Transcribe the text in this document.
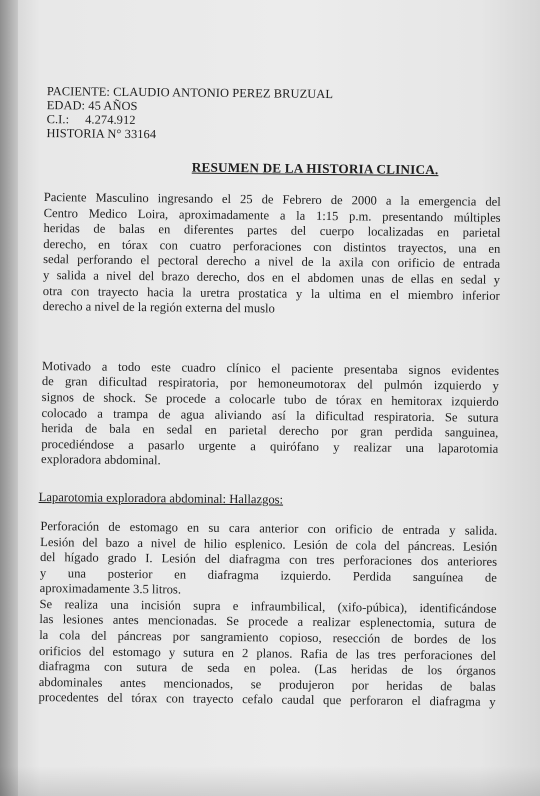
PACIENTE: CLAUDIO ANTONIO PEREZ BRUZUAL
EDAD: 45 AÑOS
C.I.:     4.274.912
HISTORIA N° 33164
RESUMEN DE LA HISTORIA CLINICA.
Paciente Masculino ingresando el 25 de Febrero de 2000 a la emergencia del
Centro Medico Loira, aproximadamente a la 1:15 p.m. presentando múltiples
heridas de balas en diferentes partes del cuerpo localizadas en parietal
derecho, en tórax con cuatro perforaciones con distintos trayectos, una en
sedal perforando el pectoral derecho a nivel de la axila con orificio de entrada
y salida a nivel del brazo derecho, dos en el abdomen unas de ellas en sedal y
otra con trayecto hacia la uretra prostatica y la ultima en el miembro inferior
derecho a nivel de la región externa del muslo
Motivado a todo este cuadro clínico el paciente presentaba signos evidentes
de gran dificultad respiratoria, por hemoneumotorax del pulmón izquierdo y
signos de shock. Se procede a colocarle tubo de tórax en hemitorax izquierdo
colocado a trampa de agua aliviando así la dificultad respiratoria. Se sutura
herida de bala en sedal en parietal derecho por gran perdida sanguinea,
procediéndose a pasarlo urgente a quirófano y realizar una laparotomia
exploradora abdominal.
Laparotomia exploradora abdominal: Hallazgos:
Perforación de estomago en su cara anterior con orificio de entrada y salida.
Lesión del bazo a nivel de hilio esplenico. Lesión de cola del páncreas. Lesión
del hígado grado I. Lesión del diafragma con tres perforaciones dos anteriores
y una posterior en diafragma izquierdo. Perdida sanguínea de
aproximadamente 3.5 litros.
Se realiza una incisión supra e infraumbilical, (xifo-púbica), identificándose
las lesiones antes mencionadas. Se procede a realizar esplenectomia, sutura de
la cola del páncreas por sangramiento copioso, resección de bordes de los
orificios del estomago y sutura en 2 planos. Rafia de las tres perforaciones del
diafragma con sutura de seda en polea. (Las heridas de los órganos
abdominales antes mencionados, se produjeron por heridas de balas
procedentes del tórax con trayecto cefalo caudal que perforaron el diafragma y
